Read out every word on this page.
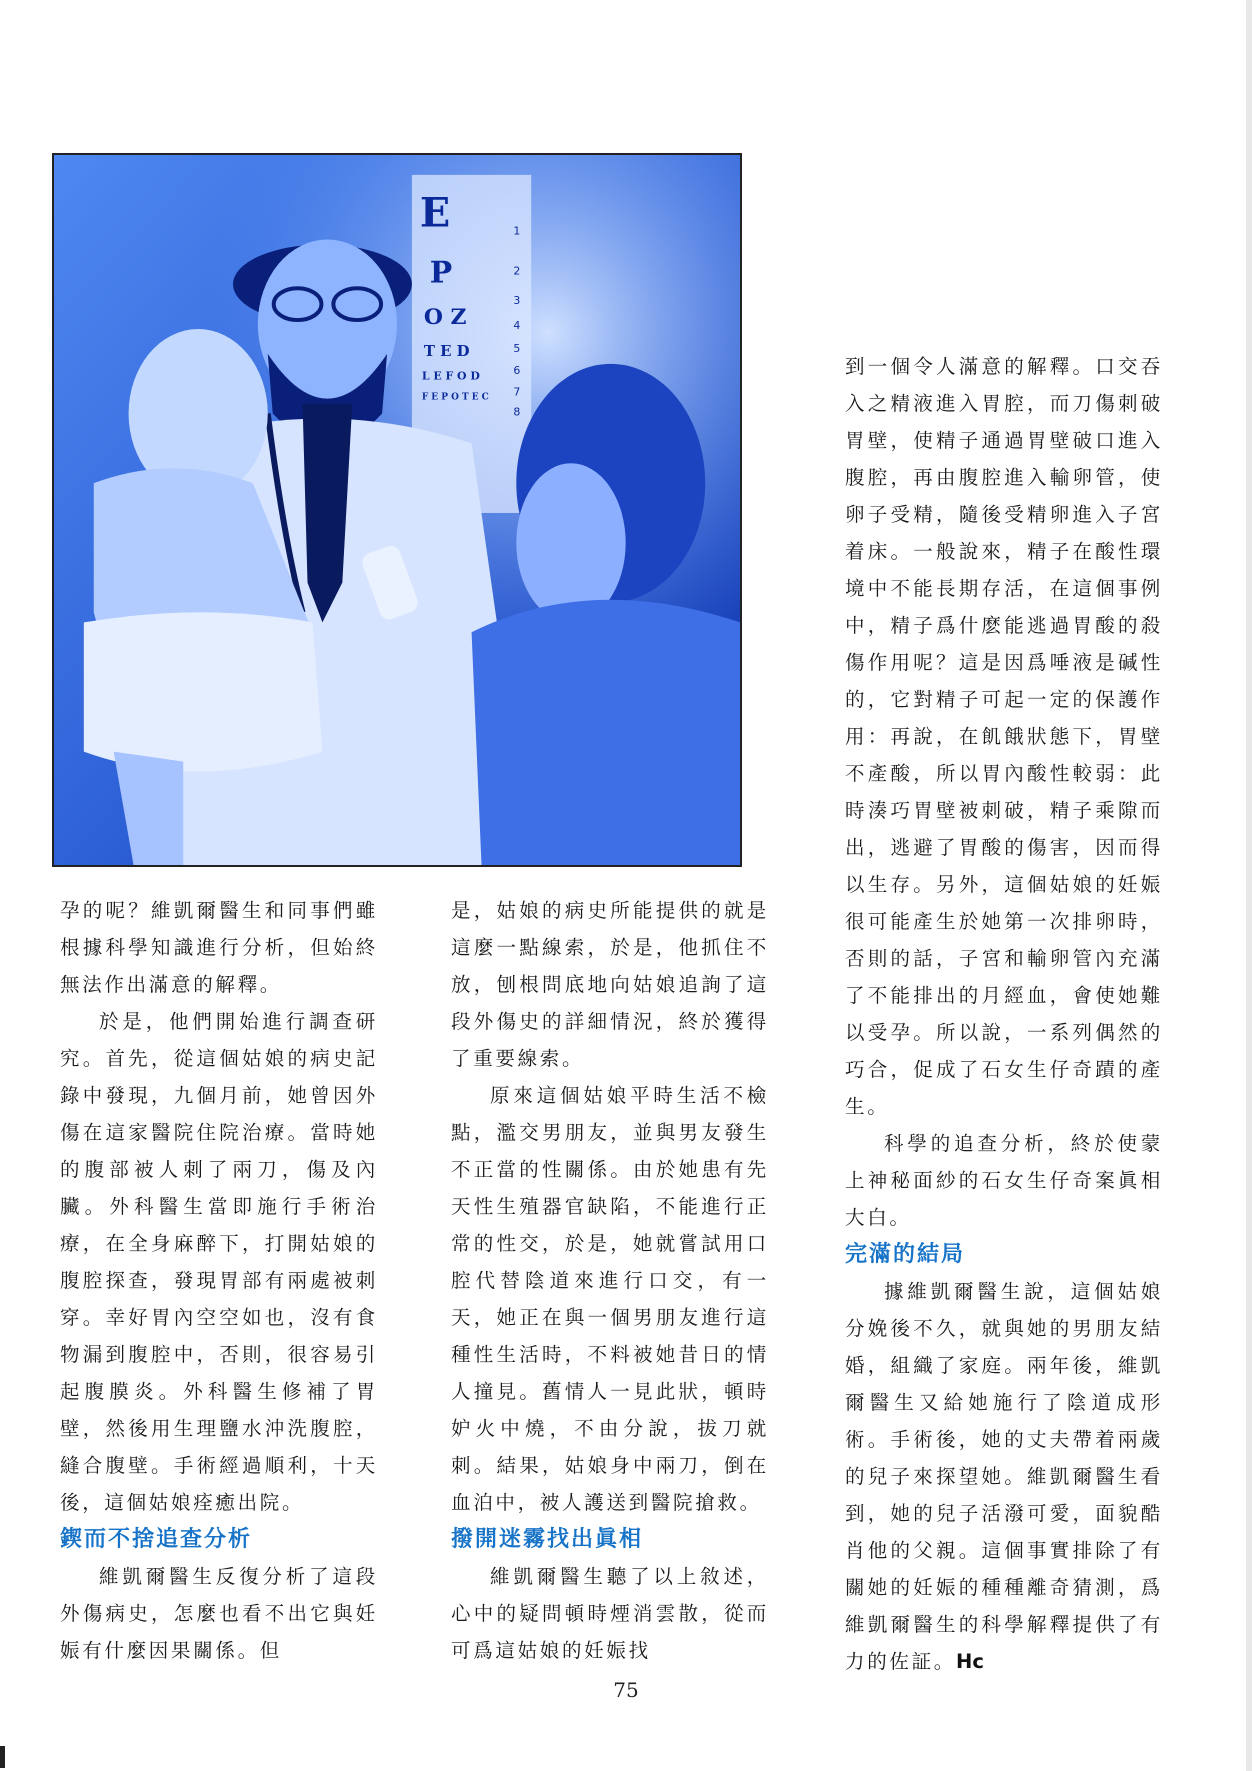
E
P
O Z
T E D
L E F O D
F E P O T E C
1
2
3
4
5
6
7
8

孕的呢？維凱爾醫生和同事們雖根據科學知識進行分析，但始終無法作出滿意的解釋。

於是，他們開始進行調查研究。首先，從這個姑娘的病史記錄中發現，九個月前，她曾因外傷在這家醫院住院治療。當時她的腹部被人刺了兩刀，傷及內臟。外科醫生當即施行手術治療，在全身麻醉下，打開姑娘的腹腔探查，發現胃部有兩處被刺穿。幸好胃內空空如也，沒有食物漏到腹腔中，否則，很容易引起腹膜炎。外科醫生修補了胃壁，然後用生理鹽水沖洗腹腔，縫合腹壁。手術經過順利，十天後，這個姑娘痊癒出院。

鍥而不捨追查分析

維凱爾醫生反復分析了這段外傷病史，怎麼也看不出它與妊娠有什麼因果關係。但

是，姑娘的病史所能提供的就是這麼一點線索，於是，他抓住不放，刨根問底地向姑娘追詢了這段外傷史的詳細情況，終於獲得了重要線索。

原來這個姑娘平時生活不檢點，濫交男朋友，並與男友發生不正當的性關係。由於她患有先天性生殖器官缺陷，不能進行正常的性交，於是，她就嘗試用口腔代替陰道來進行口交，有一天，她正在與一個男朋友進行這種性生活時，不料被她昔日的情人撞見。舊情人一見此狀，頓時妒火中燒，不由分說，拔刀就刺。結果，姑娘身中兩刀，倒在血泊中，被人護送到醫院搶救。

撥開迷霧找出眞相

維凱爾醫生聽了以上敘述，心中的疑問頓時煙消雲散，從而可爲這姑娘的妊娠找

到一個令人滿意的解釋。口交吞入之精液進入胃腔，而刀傷刺破胃壁，使精子通過胃壁破口進入腹腔，再由腹腔進入輸卵管，使卵子受精，隨後受精卵進入子宮着床。一般說來，精子在酸性環境中不能長期存活，在這個事例中，精子爲什麽能逃過胃酸的殺傷作用呢？這是因爲唾液是碱性的，它對精子可起一定的保護作用：再說，在飢餓狀態下，胃壁不產酸，所以胃內酸性較弱：此時湊巧胃壁被刺破，精子乘隙而出，逃避了胃酸的傷害，因而得以生存。另外，這個姑娘的妊娠很可能產生於她第一次排卵時，否則的話，子宮和輸卵管內充滿了不能排出的月經血，會使她難以受孕。所以說，一系列偶然的巧合，促成了石女生仔奇蹟的產生。

科學的追查分析，終於使蒙上神秘面紗的石女生仔奇案眞相大白。

完滿的結局

據維凱爾醫生說，這個姑娘分娩後不久，就與她的男朋友結婚，組織了家庭。兩年後，維凱爾醫生又給她施行了陰道成形術。手術後，她的丈夫帶着兩歲的兒子來探望她。維凱爾醫生看到，她的兒子活潑可愛，面貌酷肖他的父親。這個事實排除了有關她的妊娠的種種離奇猜測，爲維凱爾醫生的科學解釋提供了有力的佐証。Hc

75
